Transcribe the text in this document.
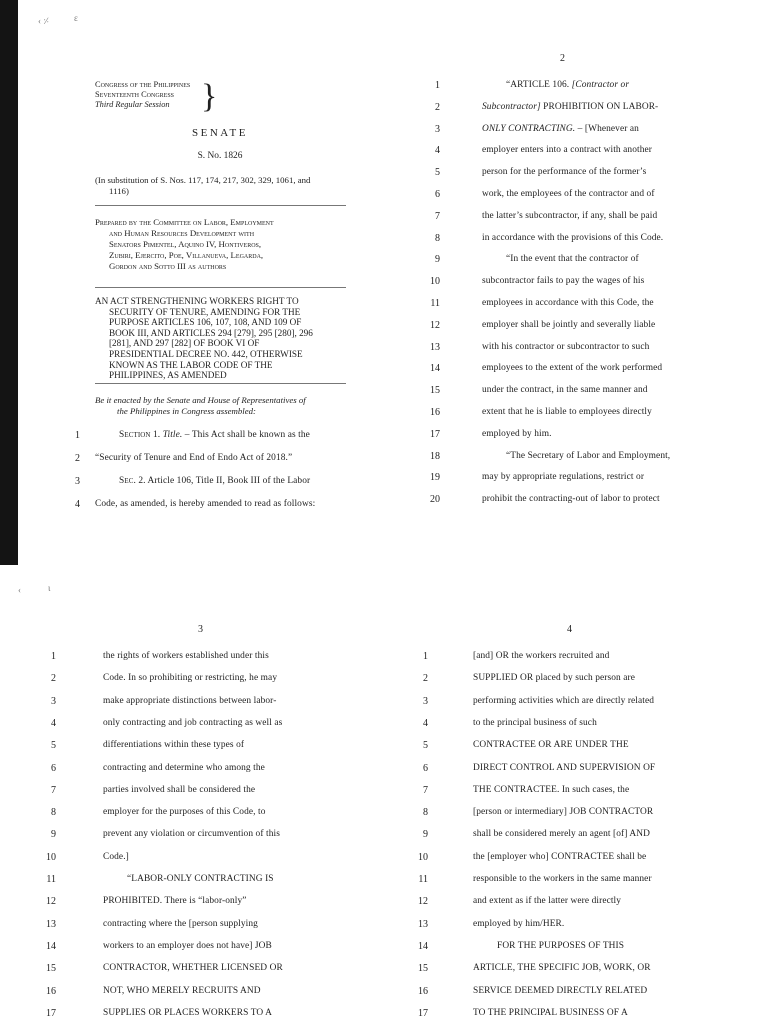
‹ ⸓	ε
2
Congress of the Philippines
Seventeenth Congress
Third Regular Session }
SENATE
S. No. 1826
(In substitution of S. Nos. 117, 174, 217, 302, 329, 1061, and
1116)
Prepared by the Committee on Labor, Employment
and Human Resources Development with
Senators Pimentel, Aquino IV, Hontiveros,
Zubiri, Ejercito, Poe, Villanueva, Legarda,
Gordon and Sotto III as authors
AN ACT STRENGTHENING WORKERS RIGHT TO
SECURITY OF TENURE, AMENDING FOR THE
PURPOSE ARTICLES 106, 107, 108, AND 109 OF
BOOK III, AND ARTICLES 294 [279], 295 [280], 296
[281], AND 297 [282] OF BOOK VI OF
PRESIDENTIAL DECREE NO. 442, OTHERWISE
KNOWN AS THE LABOR CODE OF THE
PHILIPPINES, AS AMENDED
Be it enacted by the Senate and House of Representatives of
the Philippines in Congress assembled:
1	Section 1. Title. – This Act shall be known as the
2 “Security of Tenure and End of Endo Act of 2018.”
3	Sec. 2. Article 106, Title II, Book III of the Labor
4 Code, as amended, is hereby amended to read as follows:
1	“ARTICLE 106. [Contractor or
2	Subcontractor] PROHIBITION ON LABOR-
3	ONLY CONTRACTING. – [Whenever an
4	employer enters into a contract with another
5	person for the performance of the former’s
6	work, the employees of the contractor and of
7	the latter’s subcontractor, if any, shall be paid
8	in accordance with the provisions of this Code.
9	“In the event that the contractor of
10	subcontractor fails to pay the wages of his
11	employees in accordance with this Code, the
12	employer shall be jointly and severally liable
13	with his contractor or subcontractor to such
14	employees to the extent of the work performed
15	under the contract, in the same manner and
16	extent that he is liable to employees directly
17	employed by him.
18	“The Secretary of Labor and Employment,
19	may by appropriate regulations, restrict or
20	prohibit the contracting-out of labor to protect
‹	ɩ
3	4
1	the rights of workers established under this
2	Code. In so prohibiting or restricting, he may
3	make appropriate distinctions between labor-
4	only contracting and job contracting as well as
5	differentiations within these types of
6	contracting and determine who among the
7	parties involved shall be considered the
8	employer for the purposes of this Code, to
9	prevent any violation or circumvention of this
10	Code.]
11	“LABOR-ONLY CONTRACTING IS
12	PROHIBITED. There is “labor-only”
13	contracting where the [person supplying
14	workers to an employer does not have] JOB
15	CONTRACTOR, WHETHER LICENSED OR
16	NOT, WHO MERELY RECRUITS AND
17	SUPPLIES OR PLACES WORKERS TO A
1	[and] OR the workers recruited and
2	SUPPLIED OR placed by such person are
3	performing activities which are directly related
4	to the principal business of such
5	CONTRACTEE OR ARE UNDER THE
6	DIRECT CONTROL AND SUPERVISION OF
7	THE CONTRACTEE. In such cases, the
8	[person or intermediary] JOB CONTRACTOR
9	shall be considered merely an agent [of] AND
10	the [employer who] CONTRACTEE shall be
11	responsible to the workers in the same manner
12	and extent as if the latter were directly
13	employed by him/HER.
14	FOR THE PURPOSES OF THIS
15	ARTICLE, THE SPECIFIC JOB, WORK, OR
16	SERVICE DEEMED DIRECTLY RELATED
17	TO THE PRINCIPAL BUSINESS OF A
